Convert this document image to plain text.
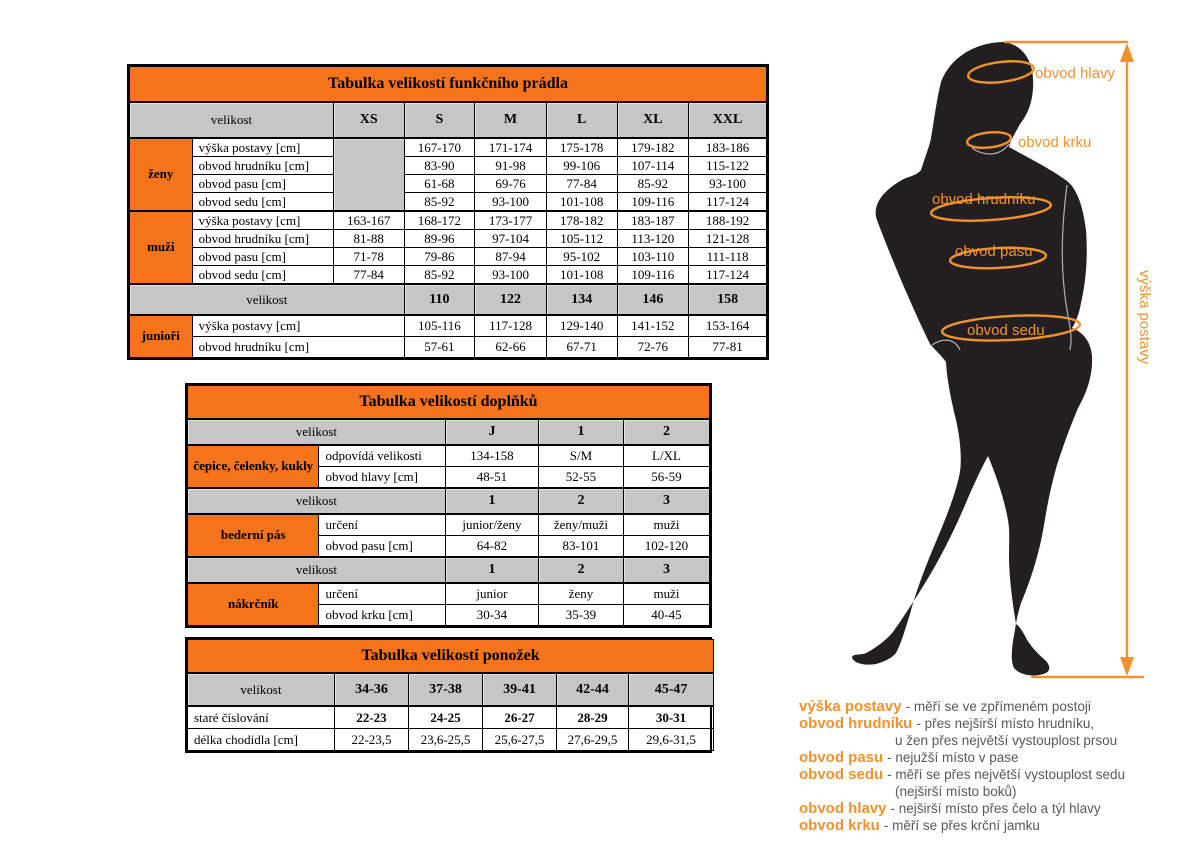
Tabulka velikostí funkčního prádla							
velikost		XS	S	M	L	XL	XXL
ženy	výška postavy [cm]		167-170	171-174	175-178	179-182	183-186
	obvod hrudníku [cm]		83-90	91-98	99-106	107-114	115-122
	obvod pasu [cm]		61-68	69-76	77-84	85-92	93-100
	obvod sedu [cm]		85-92	93-100	101-108	109-116	117-124
muži	výška postavy [cm]	163-167	168-172	173-177	178-182	183-187	188-192
	obvod hrudníku [cm]	81-88	89-96	97-104	105-112	113-120	121-128
	obvod pasu [cm]	71-78	79-86	87-94	95-102	103-110	111-118
	obvod sedu [cm]	77-84	85-92	93-100	101-108	109-116	117-124
velikost			110	122	134	146	158
junioři	výška postavy [cm]		105-116	117-128	129-140	141-152	153-164
	obvod hrudníku [cm]		57-61	62-66	67-71	72-76	77-81
Tabulka velikostí doplňků				
velikost		J	1	2
čepice, čelenky, kukly	odpovídá velikosti	134-158	S/M	L/XL
	obvod hlavy [cm]	48-51	52-55	56-59
velikost		1	2	3
bederní pás	určení	junior/ženy	ženy/muži	muži
	obvod pasu [cm]	64-82	83-101	102-120
velikost		1	2	3
nákrčník	určení	junior	ženy	muži
	obvod krku [cm]	30-34	35-39	40-45
Tabulka velikostí ponožek					
velikost	34-36	37-38	39-41	42-44	45-47
staré číslování	22-23	24-25	26-27	28-29	30-31
délka chodidla [cm]	22-23,5	23,6-25,5	25,6-27,5	27,6-29,5	29,6-31,5
obvod hlavy
obvod krku
obvod hrudníku
obvod pasu
obvod sedu	výška postavy
výška postavy - měří se ve zpřímeném postoji
obvod hrudníku - přes nejširší místo hrudníku,
u žen přes největší vystouplost prsou
obvod pasu - nejužší místo v pase
obvod sedu - měří se přes největší vystouplost sedu
(nejširší místo boků)
obvod hlavy - nejširší místo přes čelo a týl hlavy
obvod krku - měří se přes krční jamku
